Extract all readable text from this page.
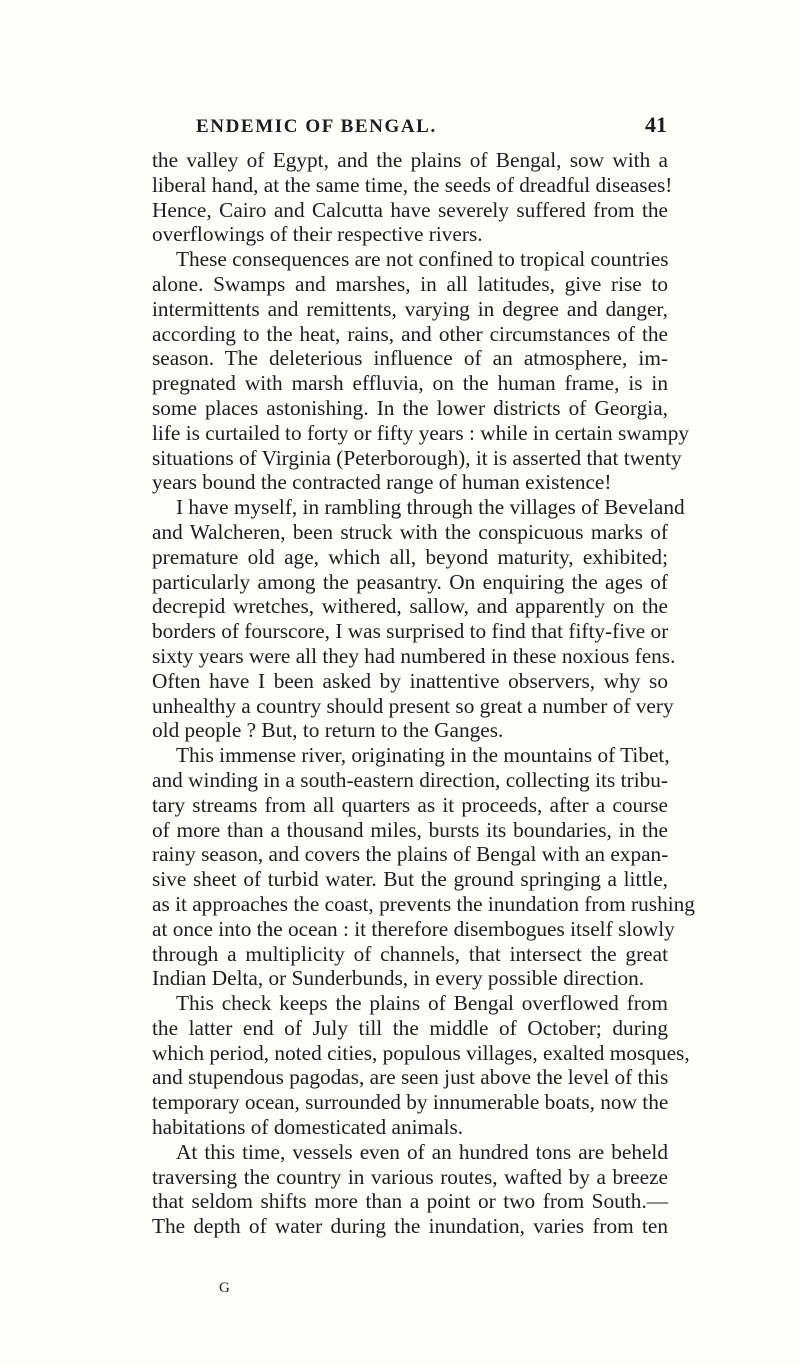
ENDEMIC OF BENGAL.	41
the valley of Egypt, and the plains of Bengal, sow with a
liberal hand, at the same time, the seeds of dreadful diseases!
Hence, Cairo and Calcutta have severely suffered from the
overflowings of their respective rivers.
These consequences are not confined to tropical countries
alone. Swamps and marshes, in all latitudes, give rise to
intermittents and remittents, varying in degree and danger,
according to the heat, rains, and other circumstances of the
season. The deleterious influence of an atmosphere, im-
pregnated with marsh effluvia, on the human frame, is in
some places astonishing. In the lower districts of Georgia,
life is curtailed to forty or fifty years : while in certain swampy
situations of Virginia (Peterborough), it is asserted that twenty
years bound the contracted range of human existence!
I have myself, in rambling through the villages of Beveland
and Walcheren, been struck with the conspicuous marks of
premature old age, which all, beyond maturity, exhibited;
particularly among the peasantry. On enquiring the ages of
decrepid wretches, withered, sallow, and apparently on the
borders of fourscore, I was surprised to find that fifty-five or
sixty years were all they had numbered in these noxious fens.
Often have I been asked by inattentive observers, why so
unhealthy a country should present so great a number of very
old people ? But, to return to the Ganges.
This immense river, originating in the mountains of Tibet,
and winding in a south-eastern direction, collecting its tribu-
tary streams from all quarters as it proceeds, after a course
of more than a thousand miles, bursts its boundaries, in the
rainy season, and covers the plains of Bengal with an expan-
sive sheet of turbid water. But the ground springing a little,
as it approaches the coast, prevents the inundation from rushing
at once into the ocean : it therefore disembogues itself slowly
through a multiplicity of channels, that intersect the great
Indian Delta, or Sunderbunds, in every possible direction.
This check keeps the plains of Bengal overflowed from
the latter end of July till the middle of October; during
which period, noted cities, populous villages, exalted mosques,
and stupendous pagodas, are seen just above the level of this
temporary ocean, surrounded by innumerable boats, now the
habitations of domesticated animals.
At this time, vessels even of an hundred tons are beheld
traversing the country in various routes, wafted by a breeze
that seldom shifts more than a point or two from South.—
The depth of water during the inundation, varies from ten
G
